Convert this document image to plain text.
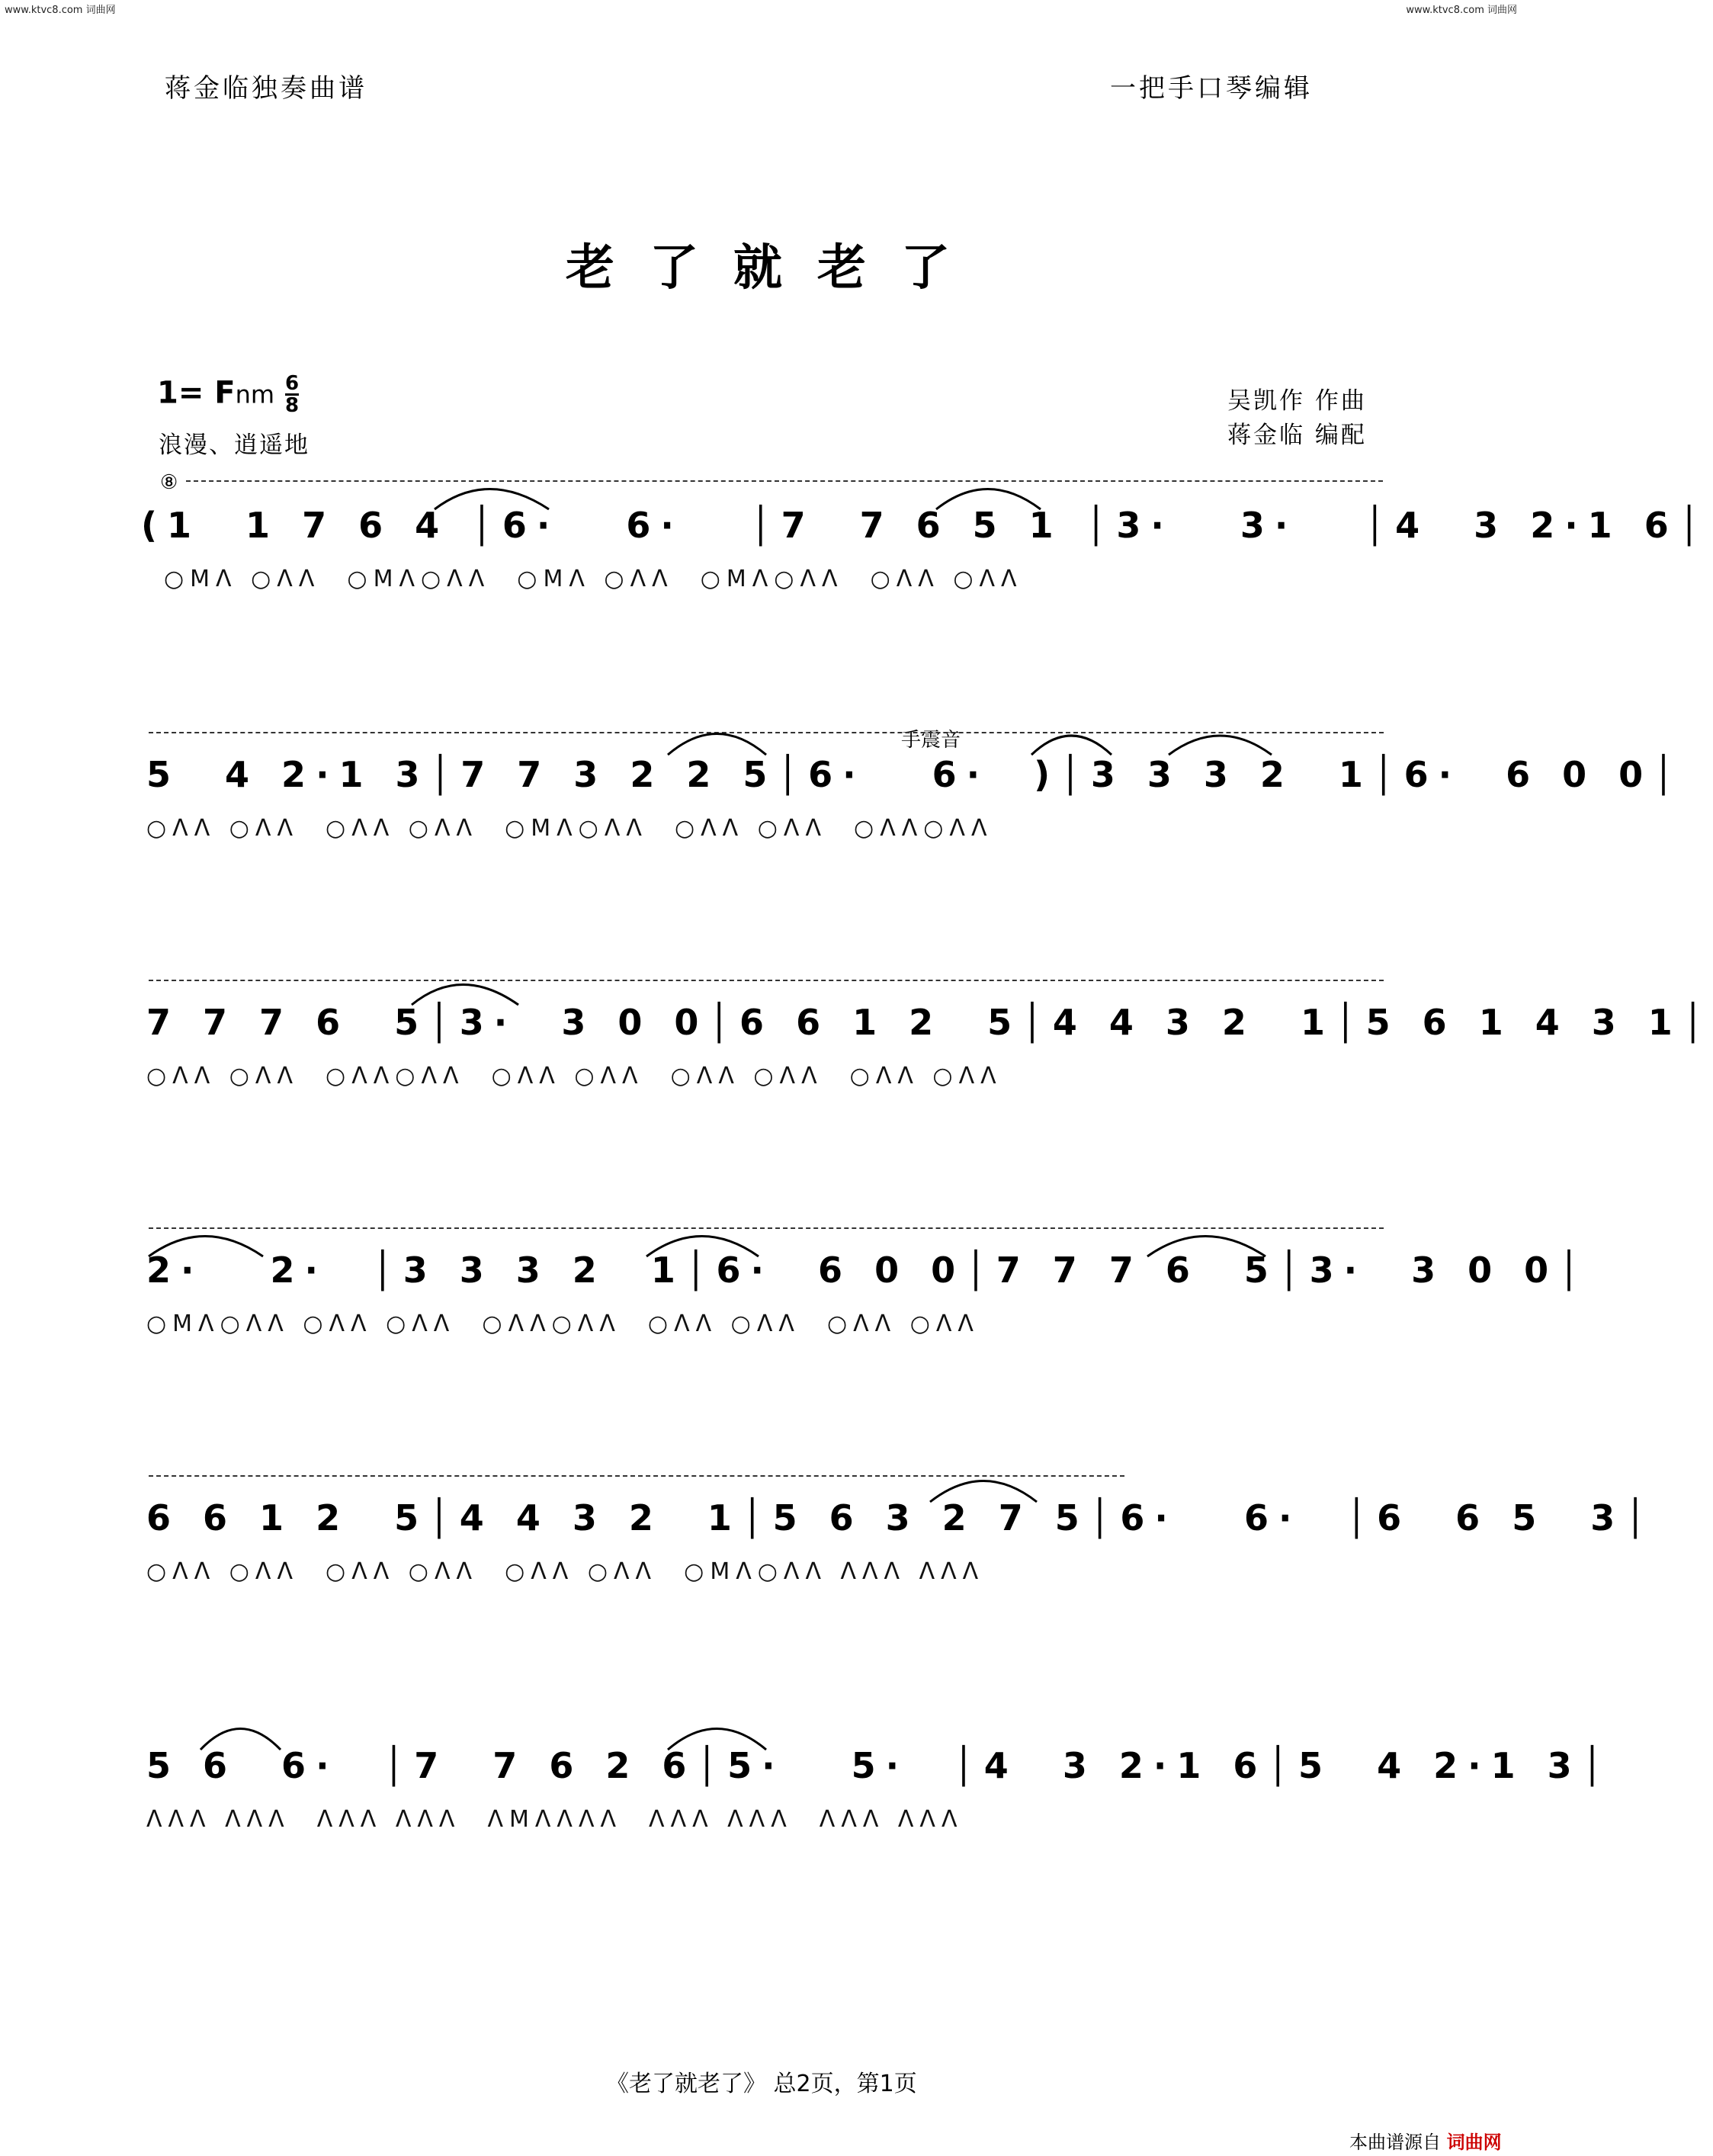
www.ktvc8.com 词曲网	www.ktvc8.com 词曲网
蒋金临独奏曲谱	一把手口琴编辑
老了就老了
1= Fnm $\frac{6}{8}$
浪漫、逍遥地
吴凯作 作曲
蒋金临 编配
⑧
手震音
(1  1 7 6 4 │6·   6·   │7  7 6 5 1 │3·   3·   │4  3 2·1 6│
○ⅯΛ ○ΛΛ  ○ⅯΛ○ΛΛ  ○ⅯΛ ○ΛΛ  ○ⅯΛ○ΛΛ  ○ΛΛ ○ΛΛ
5  4 2·1 3│7 7 3 2 2 5│6·   6·  )│3 3 3 2  1│6·  6 0 0│
○ΛΛ ○ΛΛ  ○ΛΛ ○ΛΛ  ○ⅯΛ○ΛΛ  ○ΛΛ ○ΛΛ  ○ΛΛ○ΛΛ
7 7 7 6  5│3·  3 0 0│6 6 1 2  5│4 4 3 2  1│5 6 1 4 3 1│
○ΛΛ ○ΛΛ  ○ΛΛ○ΛΛ  ○ΛΛ ○ΛΛ  ○ΛΛ ○ΛΛ  ○ΛΛ ○ΛΛ
2·   2·  │3 3 3 2  1│6·  6 0 0│7 7 7 6  5│3·  3 0 0│
○ⅯΛ○ΛΛ ○ΛΛ ○ΛΛ  ○ΛΛ○ΛΛ  ○ΛΛ ○ΛΛ  ○ΛΛ ○ΛΛ
6 6 1 2  5│4 4 3 2  1│5 6 3 2 7 5│6·   6·  │6  6 5  3│
○ΛΛ ○ΛΛ  ○ΛΛ ○ΛΛ  ○ΛΛ ○ΛΛ  ○ⅯΛ○ΛΛ ΛΛΛ ΛΛΛ
5 6  6·  │7  7 6 2 6│5·   5·  │4  3 2·1 6│5  4 2·1 3│
ΛΛΛ ΛΛΛ  ΛΛΛ ΛΛΛ  ΛⅯΛΛΛΛ  ΛΛΛ ΛΛΛ  ΛΛΛ ΛΛΛ
《老了就老了》 总2页，第1页
本曲谱源自 词曲网
